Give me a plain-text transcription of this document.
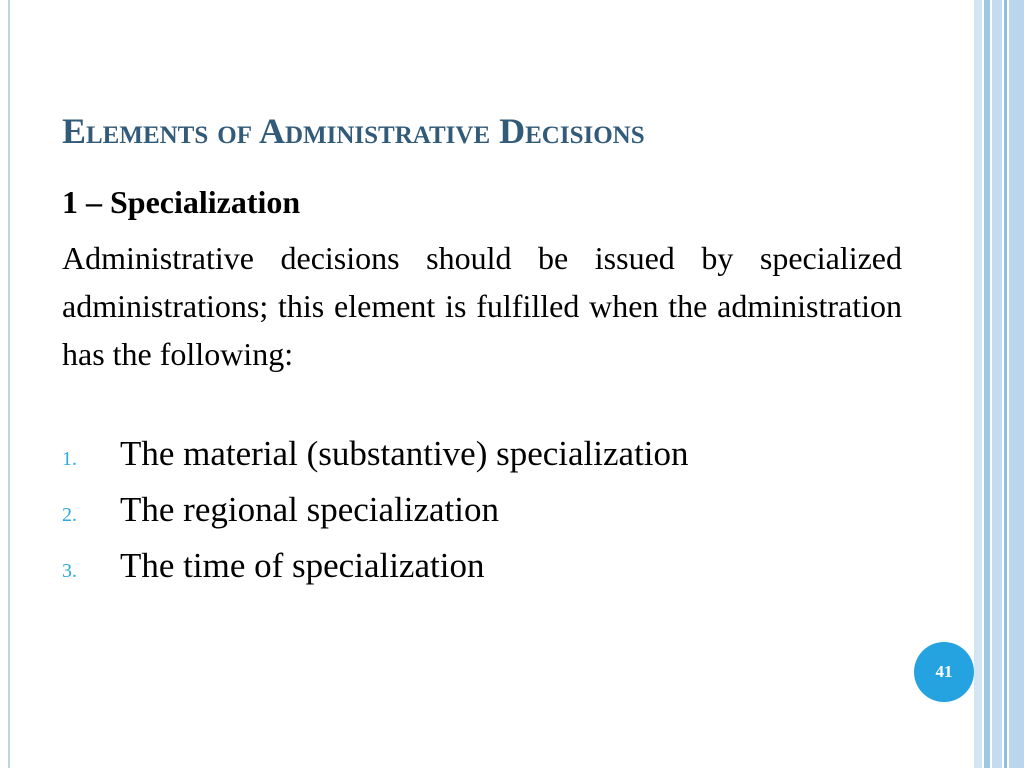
Elements of Administrative Decisions
1 – Specialization

Administrative decisions should be issued by specialized administrations; this element is fulfilled when the administration has the following:

1.	The material (substantive) specialization
2.	The regional specialization
3.	The time of specialization
41
